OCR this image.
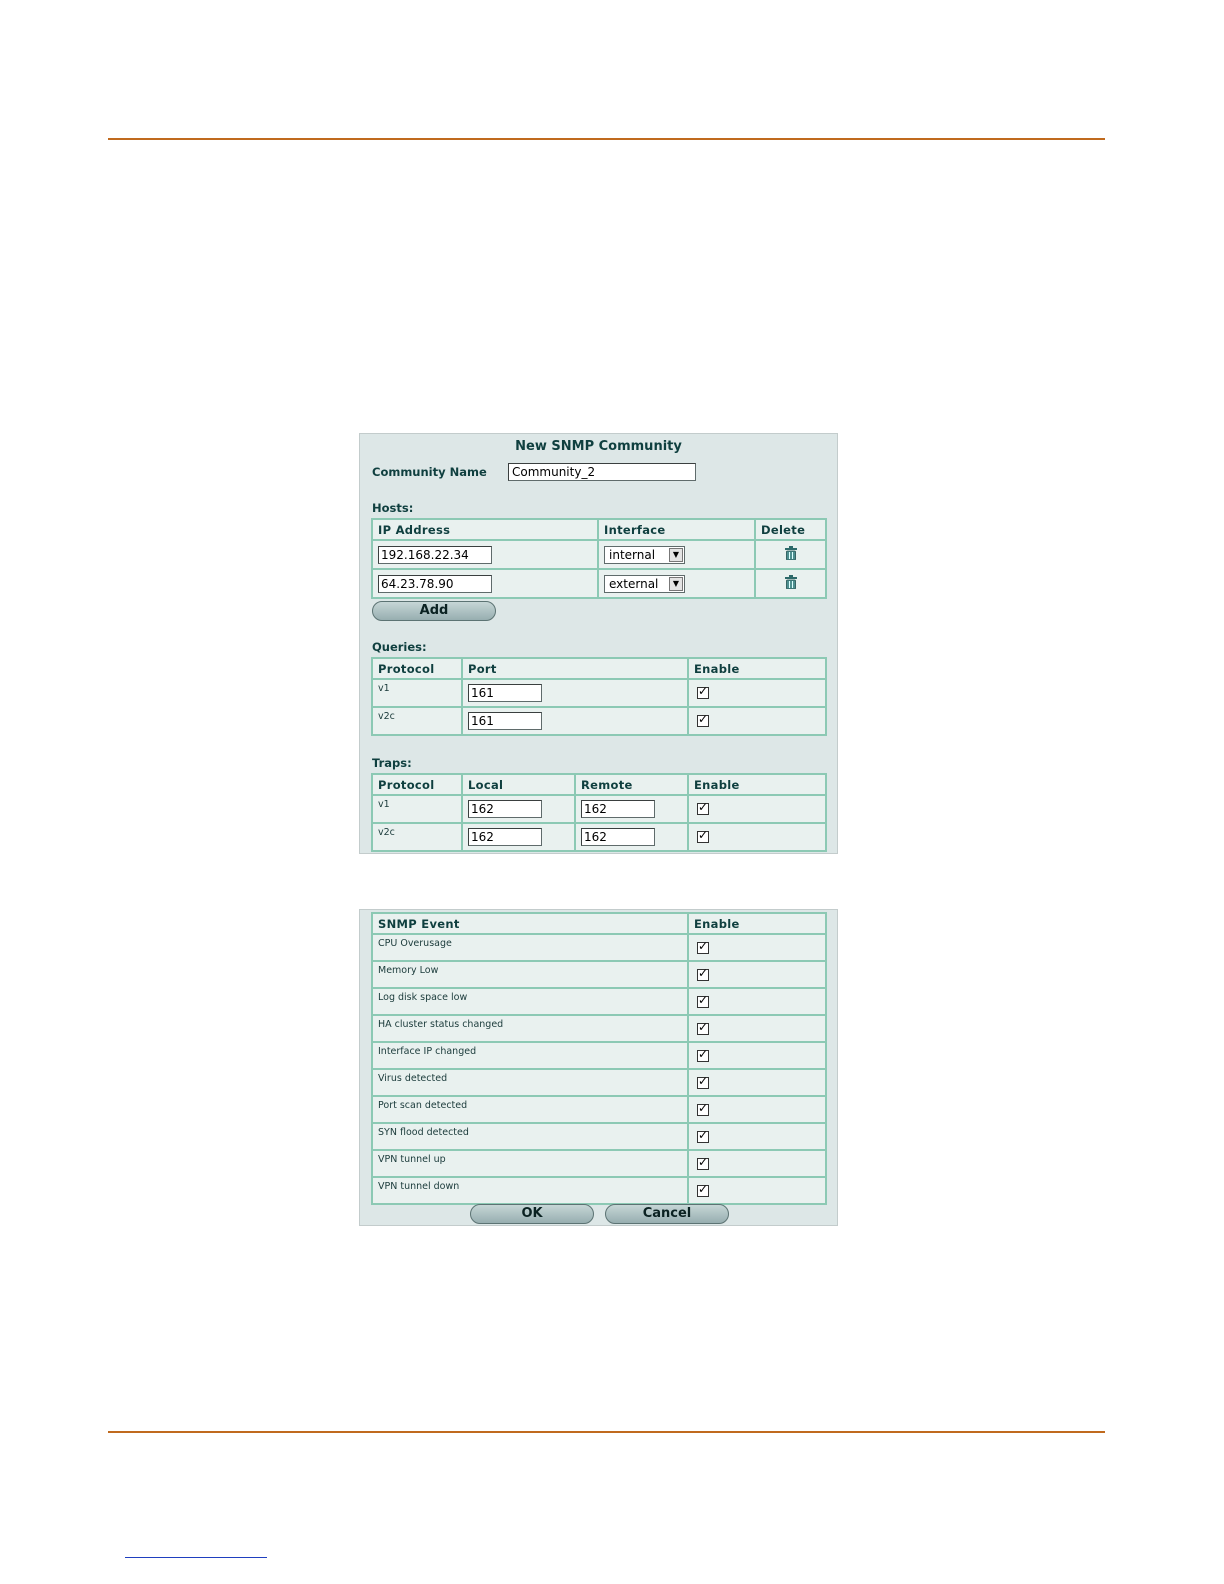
New SNMP Community
Community Name	Community_2
Hosts:
IP Address	Interface	Delete
192.168.22.34	internal ▼

64.23.78.90	external ▼

Add
Queries:
Protocol	Port	Enable
v1	161	✓
v2c	161	✓
Traps:
Protocol	Local	Remote	Enable
v1	162	162	✓
v2c	162	162	✓
SNMP Event	Enable
CPU Overusage	✓
Memory Low	✓
Log disk space low	✓
HA cluster status changed	✓
Interface IP changed	✓
Virus detected	✓
Port scan detected	✓
SYN flood detected	✓
VPN tunnel up	✓
VPN tunnel down	✓
OK	Cancel
